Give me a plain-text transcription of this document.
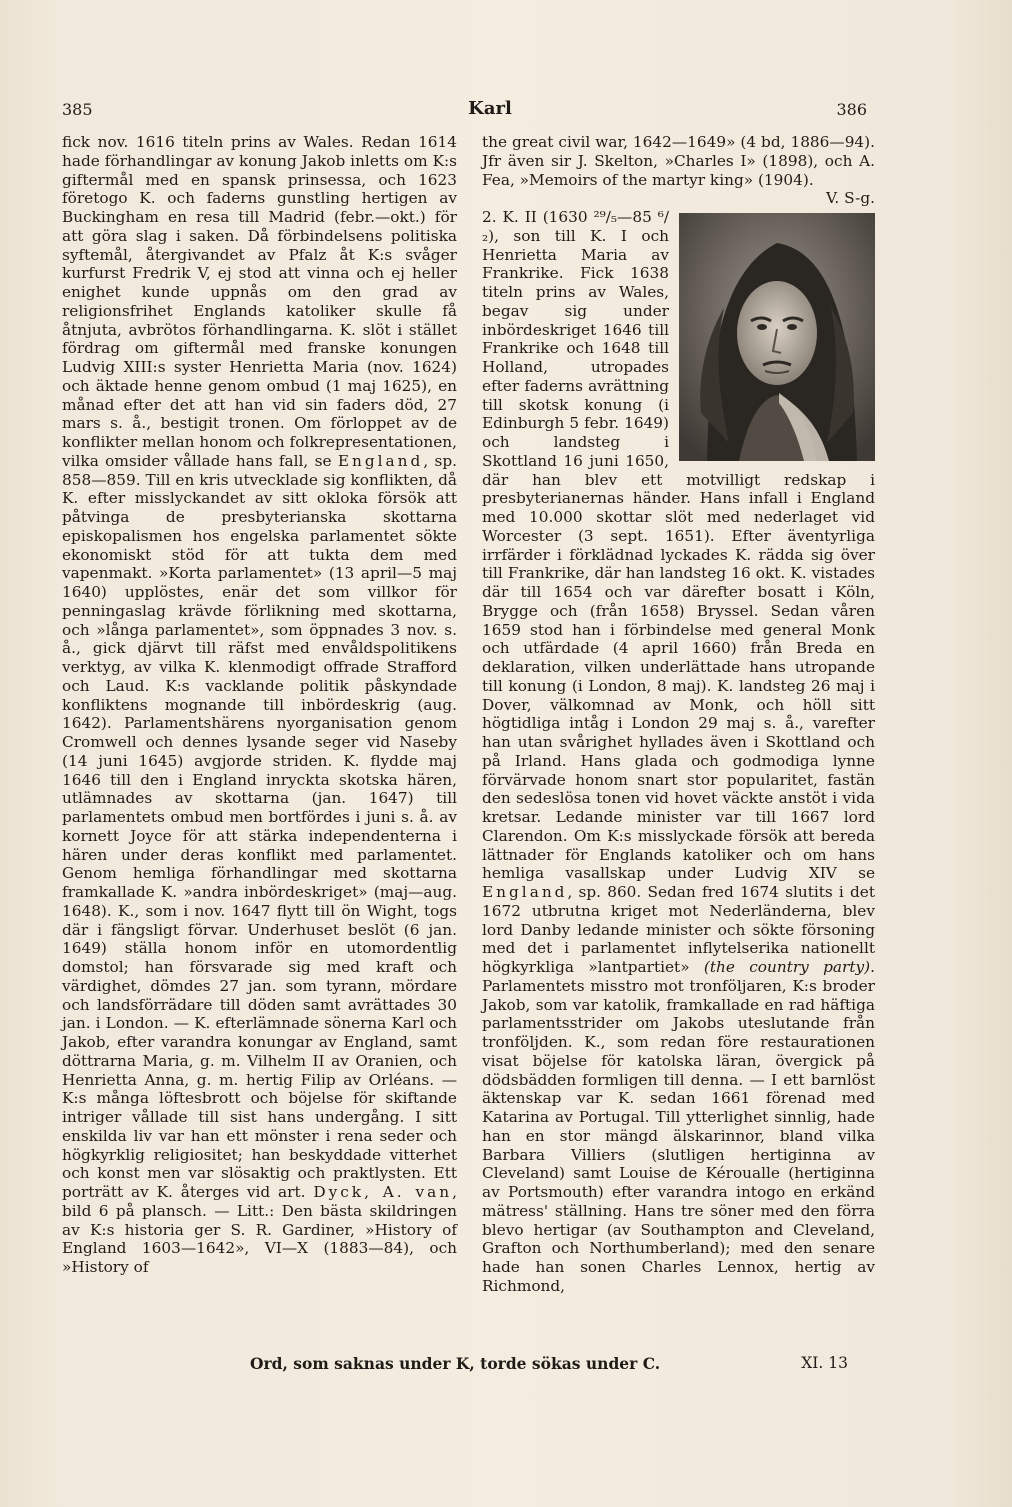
385	Karl	386

fick nov. 1616 titeln prins av Wales. Redan 1614 hade förhandlingar av konung Jakob inletts om K:s giftermål med en spansk prinsessa, och 1623 företogo K. och faderns gunstling hertigen av Buckingham en resa till Madrid (febr.—okt.) för att göra slag i saken. Då förbindelsens politiska syftemål, återgivandet av Pfalz åt K:s svåger kurfurst Fredrik V, ej stod att vinna och ej heller enighet kunde uppnås om den grad av religionsfrihet Englands katoliker skulle få åtnjuta, avbrötos förhandlingarna. K. slöt i stället fördrag om giftermål med franske konungen Ludvig XIII:s syster Henrietta Maria (nov. 1624) och äktade henne genom ombud (1 maj 1625), en månad efter det att han vid sin faders död, 27 mars s. å., bestigit tronen. Om förloppet av de konflikter mellan honom och folkrepresentationen, vilka omsider vållade hans fall, se England, sp. 858—859. Till en kris utvecklade sig konflikten, då K. efter misslyckandet av sitt okloka försök att påtvinga de presbyterianska skottarna episkopalismen hos engelska parlamentet sökte ekonomiskt stöd för att tukta dem med vapenmakt. »Korta parlamentet» (13 april—5 maj 1640) upplöstes, enär det som villkor för penningaslag krävde förlikning med skottarna, och »långa parlamentet», som öppnades 3 nov. s. å., gick djärvt till räfst med envåldspolitikens verktyg, av vilka K. klenmodigt offrade Strafford och Laud. K:s vacklande politik påskyndade konfliktens mognande till inbördeskrig (aug. 1642). Parlamentshärens nyorganisation genom Cromwell och dennes lysande seger vid Naseby (14 juni 1645) avgjorde striden. K. flydde maj 1646 till den i England inryckta skotska hären, utlämnades av skottarna (jan. 1647) till parlamentets ombud men bortfördes i juni s. å. av kornett Joyce för att stärka independenterna i hären under deras konflikt med parlamentet. Genom hemliga förhandlingar med skottarna framkallade K. »andra inbördeskriget» (maj—aug. 1648). K., som i nov. 1647 flytt till ön Wight, togs där i fängsligt förvar. Underhuset beslöt (6 jan. 1649) ställa honom inför en utomordentlig domstol; han försvarade sig med kraft och värdighet, dömdes 27 jan. som tyrann, mördare och landsförrädare till döden samt avrättades 30 jan. i London. — K. efterlämnade sönerna Karl och Jakob, efter varandra konungar av England, samt döttrarna Maria, g. m. Vilhelm II av Oranien, och Henrietta Anna, g. m. hertig Filip av Orléans. — K:s många löftesbrott och böjelse för skiftande intriger vållade till sist hans undergång. I sitt enskilda liv var han ett mönster i rena seder och högkyrklig religiositet; han beskyddade vitterhet och konst men var slösaktig och praktlysten. Ett porträtt av K. återges vid art. Dyck, A. van, bild 6 på plansch. — Litt.: Den bästa skildringen av K:s historia ger S. R. Gardiner, »History of England 1603—1642», VI—X (1883—84), och »History of

the great civil war, 1642—1649» (4 bd, 1886—94). Jfr även sir J. Skelton, »Charles I» (1898), och A. Fea, »Memoirs of the martyr king» (1904).
V. S-g.

2. K. II (1630 ²⁹/₅—85 ⁶/₂), son till K. I och Henrietta Maria av Frankrike. Fick 1638 titeln prins av Wales, begav sig under inbördeskriget 1646 till Frankrike och 1648 till Holland, utropades efter faderns avrättning till skotsk konung (i Edinburgh 5 febr. 1649) och landsteg i Skottland 16 juni 1650, där han blev ett motvilligt redskap i presbyterianernas händer. Hans infall i England med 10.000 skottar slöt med nederlaget vid Worcester (3 sept. 1651). Efter äventyrliga irrfärder i förklädnad lyckades K. rädda sig över till Frankrike, där han landsteg 16 okt. K. vistades där till 1654 och var därefter bosatt i Köln, Brygge och (från 1658) Bryssel. Sedan våren 1659 stod han i förbindelse med general Monk och utfärdade (4 april 1660) från Breda en deklaration, vilken underlättade hans utropande till konung (i London, 8 maj). K. landsteg 26 maj i Dover, välkomnad av Monk, och höll sitt högtidliga intåg i London 29 maj s. å., varefter han utan svårighet hyllades även i Skottland och på Irland. Hans glada och godmodiga lynne förvärvade honom snart stor popularitet, fastän den sedeslösa tonen vid hovet väckte anstöt i vida kretsar. Ledande minister var till 1667 lord Clarendon. Om K:s misslyckade försök att bereda lättnader för Englands katoliker och om hans hemliga vasallskap under Ludvig XIV se England, sp. 860. Sedan fred 1674 slutits i det 1672 utbrutna kriget mot Nederländerna, blev lord Danby ledande minister och sökte försoning med det i parlamentet inflytelserika nationellt högkyrkliga »lantpartiet» (the country party). Parlamentets misstro mot tronföljaren, K:s broder Jakob, som var katolik, framkallade en rad häftiga parlamentsstrider om Jakobs uteslutande från tronföljden. K., som redan före restaurationen visat böjelse för katolska läran, övergick på dödsbädden formligen till denna. — I ett barnlöst äktenskap var K. sedan 1661 förenad med Katarina av Portugal. Till ytterlighet sinnlig, hade han en stor mängd älskarinnor, bland vilka Barbara Villiers (slutligen hertiginna av Cleveland) samt Louise de Kéroualle (hertiginna av Portsmouth) efter varandra intogo en erkänd mätress' ställning. Hans tre söner med den förra blevo hertigar (av Southampton and Cleveland, Grafton och Northumberland); med den senare hade han sonen Charles Lennox, hertig av Richmond,

Ord, som saknas under K, torde sökas under C.	XI. 13
